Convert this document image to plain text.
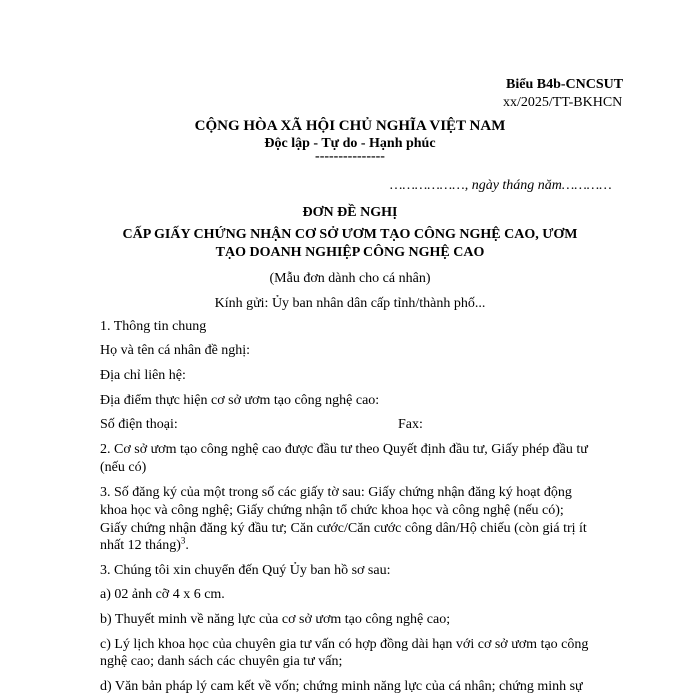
Biểu B4b-CNCSUT
xx/2025/TT-BKHCN
CỘNG HÒA XÃ HỘI CHỦ NGHĨA VIỆT NAM
Độc lập - Tự do - Hạnh phúc
---------------
………………, ngày tháng năm…………
ĐƠN ĐỀ NGHỊ
CẤP GIẤY CHỨNG NHẬN CƠ SỞ ƯƠM TẠO CÔNG NGHỆ CAO, ƯƠM
TẠO DOANH NGHIỆP CÔNG NGHỆ CAO
(Mẫu đơn dành cho cá nhân)
Kính gửi: Ủy ban nhân dân cấp tỉnh/thành phố...
1. Thông tin chung
Họ và tên cá nhân đề nghị:
Địa chỉ liên hệ:
Địa điểm thực hiện cơ sở ươm tạo công nghệ cao:
Số điện thoại:	Fax:
2. Cơ sở ươm tạo công nghệ cao được đầu tư theo Quyết định đầu tư, Giấy phép đầu tư
(nếu có)
3. Số đăng ký của một trong số các giấy tờ sau: Giấy chứng nhận đăng ký hoạt động
khoa học và công nghệ; Giấy chứng nhận tổ chức khoa học và công nghệ (nếu có);
Giấy chứng nhận đăng ký đầu tư; Căn cước/Căn cước công dân/Hộ chiếu (còn giá trị ít
nhất 12 tháng)$^3$.
3. Chúng tôi xin chuyển đến Quý Ủy ban hồ sơ sau:
a) 02 ảnh cỡ 4 x 6 cm.
b) Thuyết minh về năng lực của cơ sở ươm tạo công nghệ cao;
c) Lý lịch khoa học của chuyên gia tư vấn có hợp đồng dài hạn với cơ sở ươm tạo công
nghệ cao; danh sách các chuyên gia tư vấn;
d) Văn bản pháp lý cam kết về vốn; chứng minh năng lực của cá nhân; chứng minh sự
